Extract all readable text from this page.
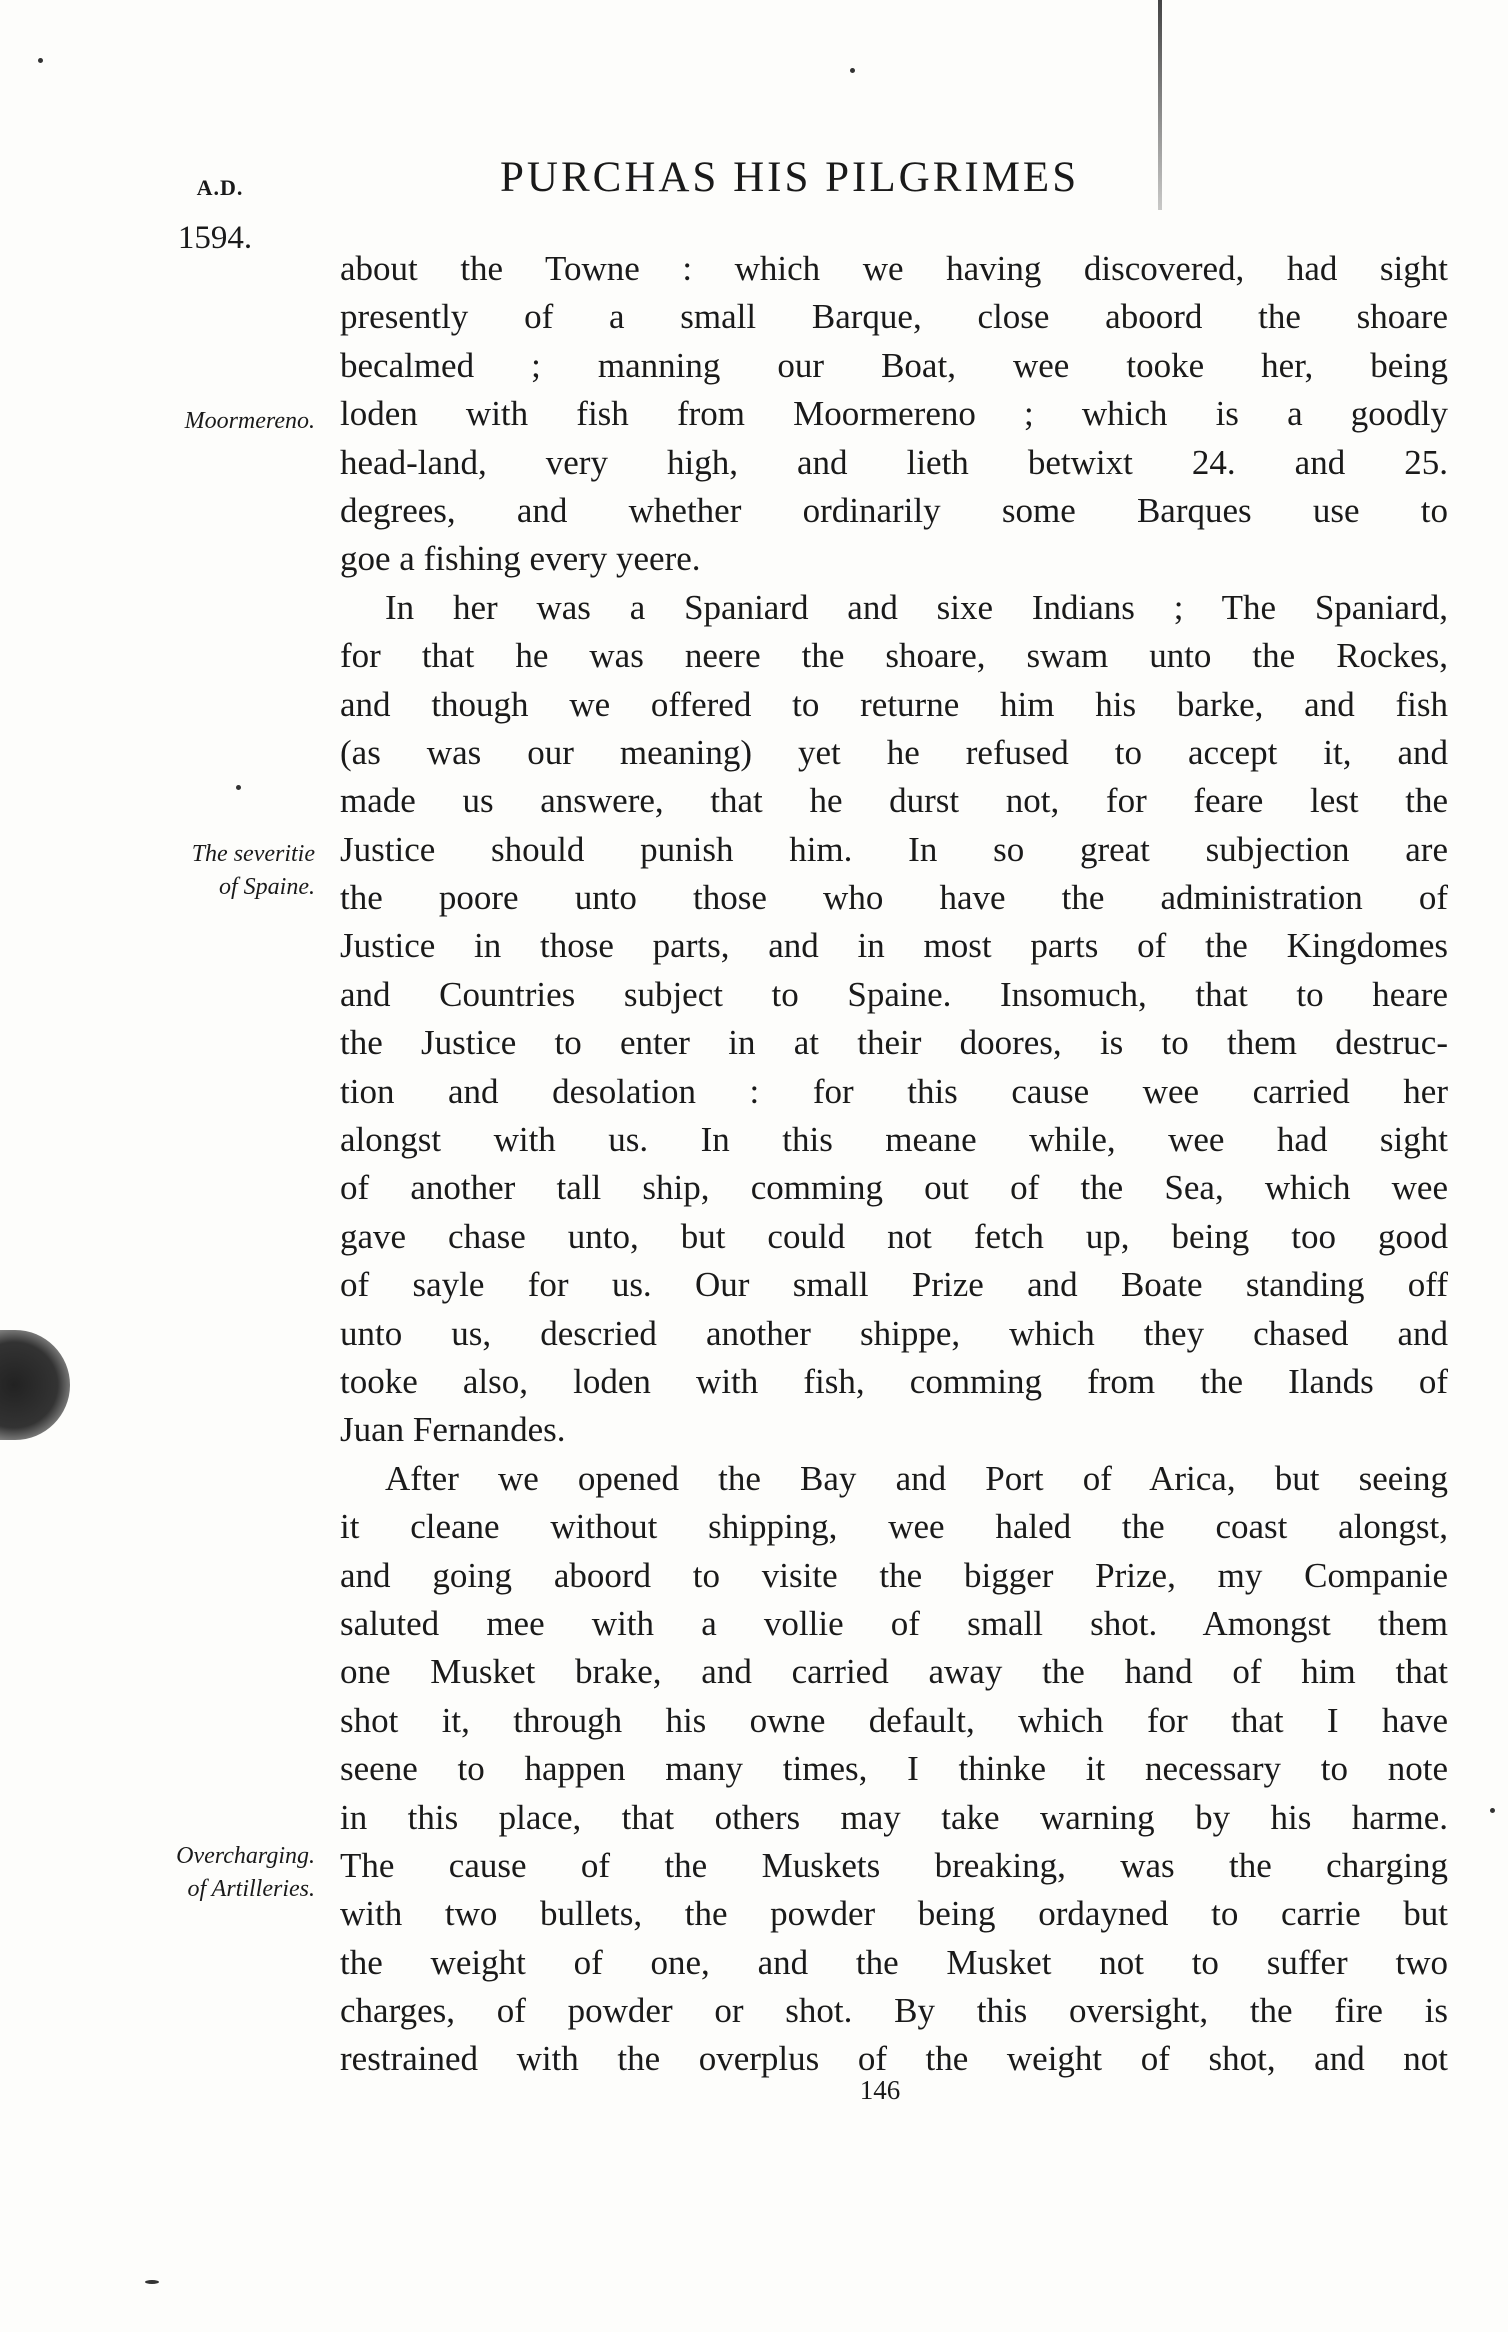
A.D.
1594.
PURCHAS HIS PILGRIMES
Moormereno.
The severitie
of Spaine.
Overcharging.
of Artilleries.
about the Towne : which we having discovered, had sight
presently of a small Barque, close aboord the shoare
becalmed ; manning our Boat, wee tooke her, being
loden with fish from Moormereno ; which is a goodly
head-land, very high, and lieth betwixt 24. and 25.
degrees, and whether ordinarily some Barques use to
goe a fishing every yeere.
In her was a Spaniard and sixe Indians ; The Spaniard,
for that he was neere the shoare, swam unto the Rockes,
and though we offered to returne him his barke, and fish
(as was our meaning) yet he refused to accept it, and
made us answere, that he durst not, for feare lest the
Justice should punish him. In so great subjection are
the poore unto those who have the administration of
Justice in those parts, and in most parts of the Kingdomes
and Countries subject to Spaine. Insomuch, that to heare
the Justice to enter in at their doores, is to them destruc-
tion and desolation : for this cause wee carried her
alongst with us. In this meane while, wee had sight
of another tall ship, comming out of the Sea, which wee
gave chase unto, but could not fetch up, being too good
of sayle for us. Our small Prize and Boate standing off
unto us, descried another shippe, which they chased and
tooke also, loden with fish, comming from the Ilands of
Juan Fernandes.
After we opened the Bay and Port of Arica, but seeing
it cleane without shipping, wee haled the coast alongst,
and going aboord to visite the bigger Prize, my Companie
saluted mee with a vollie of small shot. Amongst them
one Musket brake, and carried away the hand of him that
shot it, through his owne default, which for that I have
seene to happen many times, I thinke it necessary to note
in this place, that others may take warning by his harme.
The cause of the Muskets breaking, was the charging
with two bullets, the powder being ordayned to carrie but
the weight of one, and the Musket not to suffer two
charges, of powder or shot. By this oversight, the fire is
restrained with the overplus of the weight of shot, and not
146
